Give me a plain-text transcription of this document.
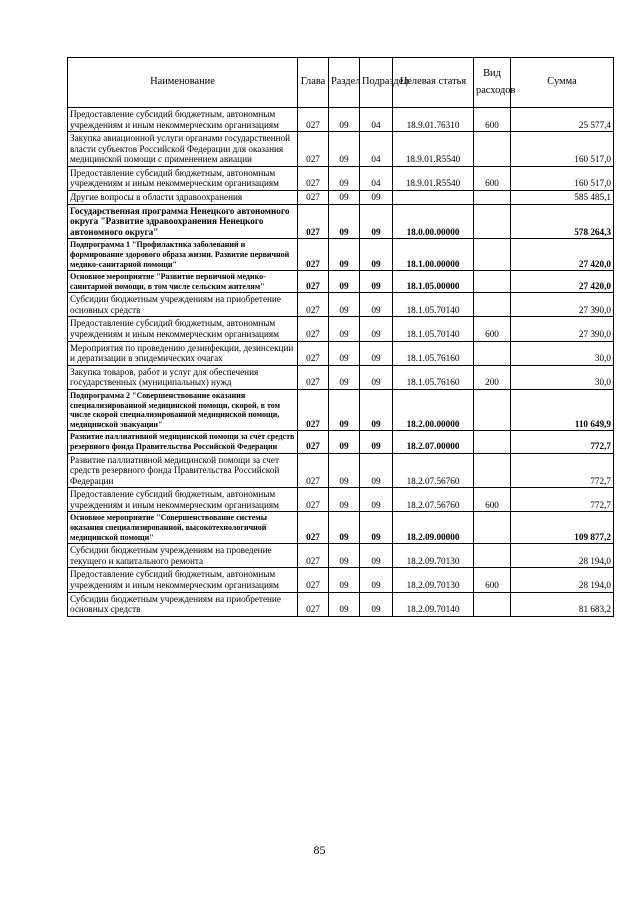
Наименование	Глава	Раздел	Подраздел	Целевая статья	Вид расходов	Сумма
Предоставление субсидий бюджетным, автономным учреждениям и иным некоммерческим организациям	027	09	04	18.9.01.76310	600	25 577,4
Закупка авиационной услуги органами государственной власти субъектов Российской Федерации для оказания медицинской помощи с применением авиации	027	09	04	18.9.01.R5540		160 517,0
Предоставление субсидий бюджетным, автономным учреждениям и иным некоммерческим организациям	027	09	04	18.9.01.R5540	600	160 517,0
Другие вопросы в области здравоохранения	027	09	09			585 485,1
Государственная программа Ненецкого автономного округа "Развитие здравоохранения Ненецкого автономного округа"	027	09	09	18.0.00.00000		578 264,3
Подпрограмма 1 "Профилактика заболеваний и формирование здорового образа жизни. Развитие первичной медико-санитарной помощи"	027	09	09	18.1.00.00000		27 420,0
Основное мероприятие "Развитие первичной медико-санитарной помощи, в том числе сельским жителям"	027	09	09	18.1.05.00000		27 420,0
Субсидии бюджетным учреждениям на приобретение основных средств	027	09	09	18.1.05.70140		27 390,0
Предоставление субсидий бюджетным, автономным учреждениям и иным некоммерческим организациям	027	09	09	18.1.05.70140	600	27 390,0
Мероприятия по проведению дезинфекции, дезинсекции и дератизации в эпидемических очагах	027	09	09	18.1.05.76160		30,0
Закупка товаров, работ и услуг для обеспечения государственных (муниципальных) нужд	027	09	09	18.1.05.76160	200	30,0
Подпрограмма 2 "Совершенствование оказания специализированной медицинской помощи, скорой, в том числе скорой специализированной медицинской помощи, медицинской эвакуации"	027	09	09	18.2.00.00000		110 649,9
Развитие паллиативной медицинской помощи за счет средств резервного фонда Правительства Российской Федерации	027	09	09	18.2.07.00000		772,7
Развитие паллиативной медицинской помощи за счет средств резервного фонда Правительства Российской Федерации	027	09	09	18.2.07.56760		772,7
Предоставление субсидий бюджетным, автономным учреждениям и иным некоммерческим организациям	027	09	09	18.2.07.56760	600	772,7
Основное мероприятие "Совершенствование системы оказания специализированной, высокотехнологичной медицинской помощи"	027	09	09	18.2.09.00000		109 877,2
Субсидии бюджетным учреждениям на проведение текущего и капитального ремонта	027	09	09	18.2.09.70130		28 194,0
Предоставление субсидий бюджетным, автономным учреждениям и иным некоммерческим организациям	027	09	09	18.2.09.70130	600	28 194,0
Субсидии бюджетным учреждениям на приобретение основных средств	027	09	09	18.2.09.70140		81 683,2
85
